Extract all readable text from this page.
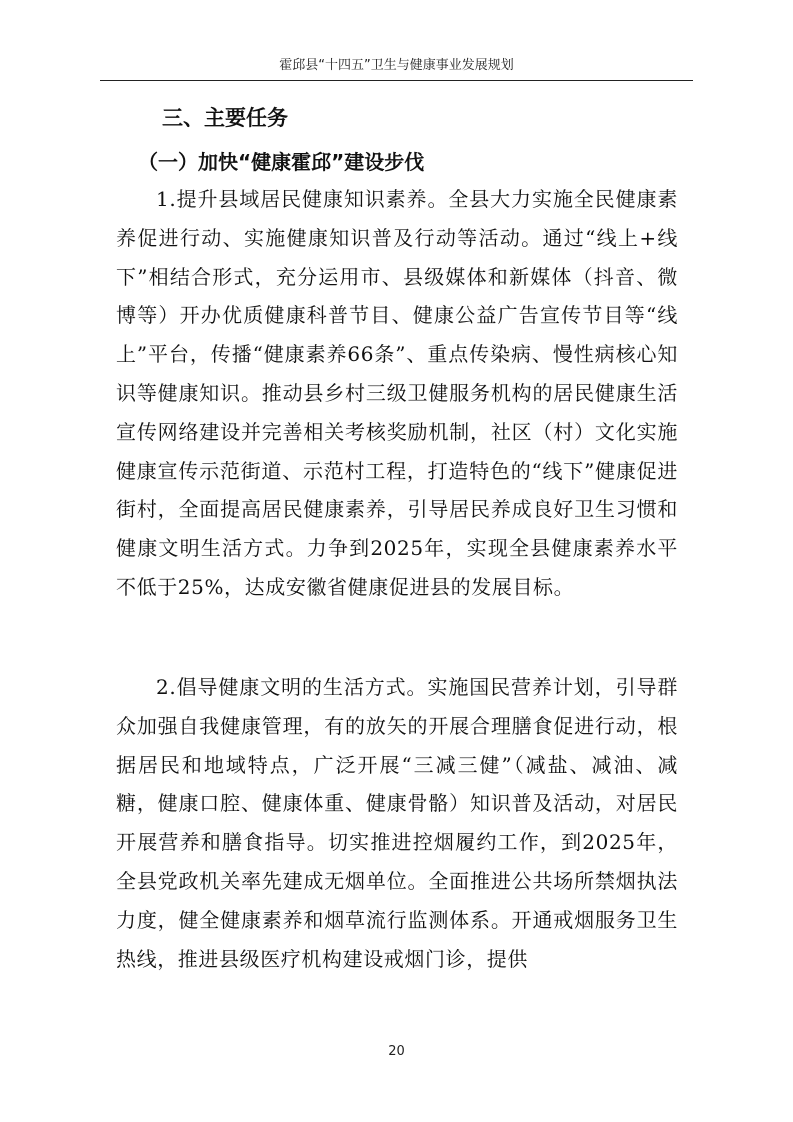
霍邱县“十四五”卫生与健康事业发展规划
三、主要任务
（一）加快“健康霍邱”建设步伐

1.提升县域居民健康知识素养。全县大力实施全民健康素养促进行动、实施健康知识普及行动等活动。通过“线上+线下”相结合形式，充分运用市、县级媒体和新媒体（抖音、微博等）开办优质健康科普节目、健康公益广告宣传节目等“线上”平台，传播“健康素养66条”、重点传染病、慢性病核心知识等健康知识。推动县乡村三级卫健服务机构的居民健康生活宣传网络建设并完善相关考核奖励机制，社区（村）文化实施健康宣传示范街道、示范村工程，打造特色的“线下”健康促进街村，全面提高居民健康素养，引导居民养成良好卫生习惯和健康文明生活方式。力争到2025年，实现全县健康素养水平不低于25%，达成安徽省健康促进县的发展目标。

2.倡导健康文明的生活方式。实施国民营养计划，引导群众加强自我健康管理，有的放矢的开展合理膳食促进行动，根据居民和地域特点，广泛开展“三减三健”（减盐、减油、减糖，健康口腔、健康体重、健康骨骼）知识普及活动，对居民开展营养和膳食指导。切实推进控烟履约工作，到2025年，全县党政机关率先建成无烟单位。全面推进公共场所禁烟执法力度，健全健康素养和烟草流行监测体系。开通戒烟服务卫生热线，推进县级医疗机构建设戒烟门诊，提供

20
